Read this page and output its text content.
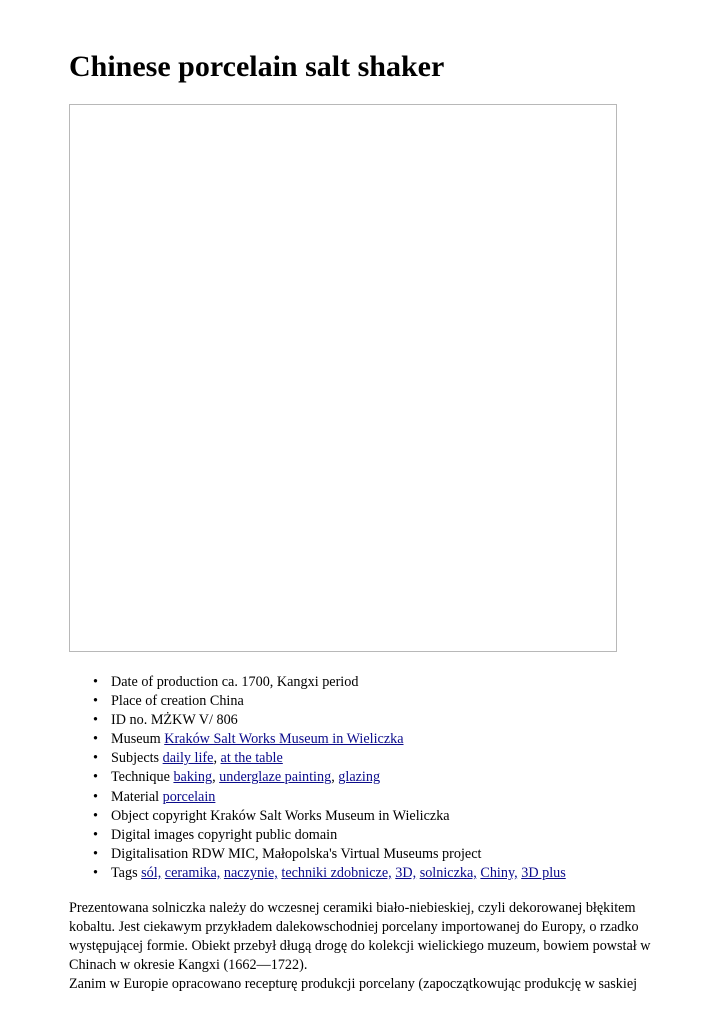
Chinese porcelain salt shaker
• Date of production ca. 1700, Kangxi period
• Place of creation China
• ID no. MŻKW V/ 806
• Museum Kraków Salt Works Museum in Wieliczka
• Subjects daily life, at the table
• Technique baking, underglaze painting, glazing
• Material porcelain
• Object copyright Kraków Salt Works Museum in Wieliczka
• Digital images copyright public domain
• Digitalisation RDW MIC, Małopolska's Virtual Museums project
• Tags sól, ceramika, naczynie, techniki zdobnicze, 3D, solniczka, Chiny, 3D plus

Prezentowana solniczka należy do wczesnej ceramiki biało-niebieskiej, czyli dekorowanej błękitem kobaltu. Jest ciekawym przykładem dalekowschodniej porcelany importowanej do Europy, o rzadko występującej formie. Obiekt przebył długą drogę do kolekcji wielickiego muzeum, bowiem powstał w Chinach w okresie Kangxi (1662—1722).

Zanim w Europie opracowano recepturę produkcji porcelany (zapoczątkowując produkcję w saskiej
